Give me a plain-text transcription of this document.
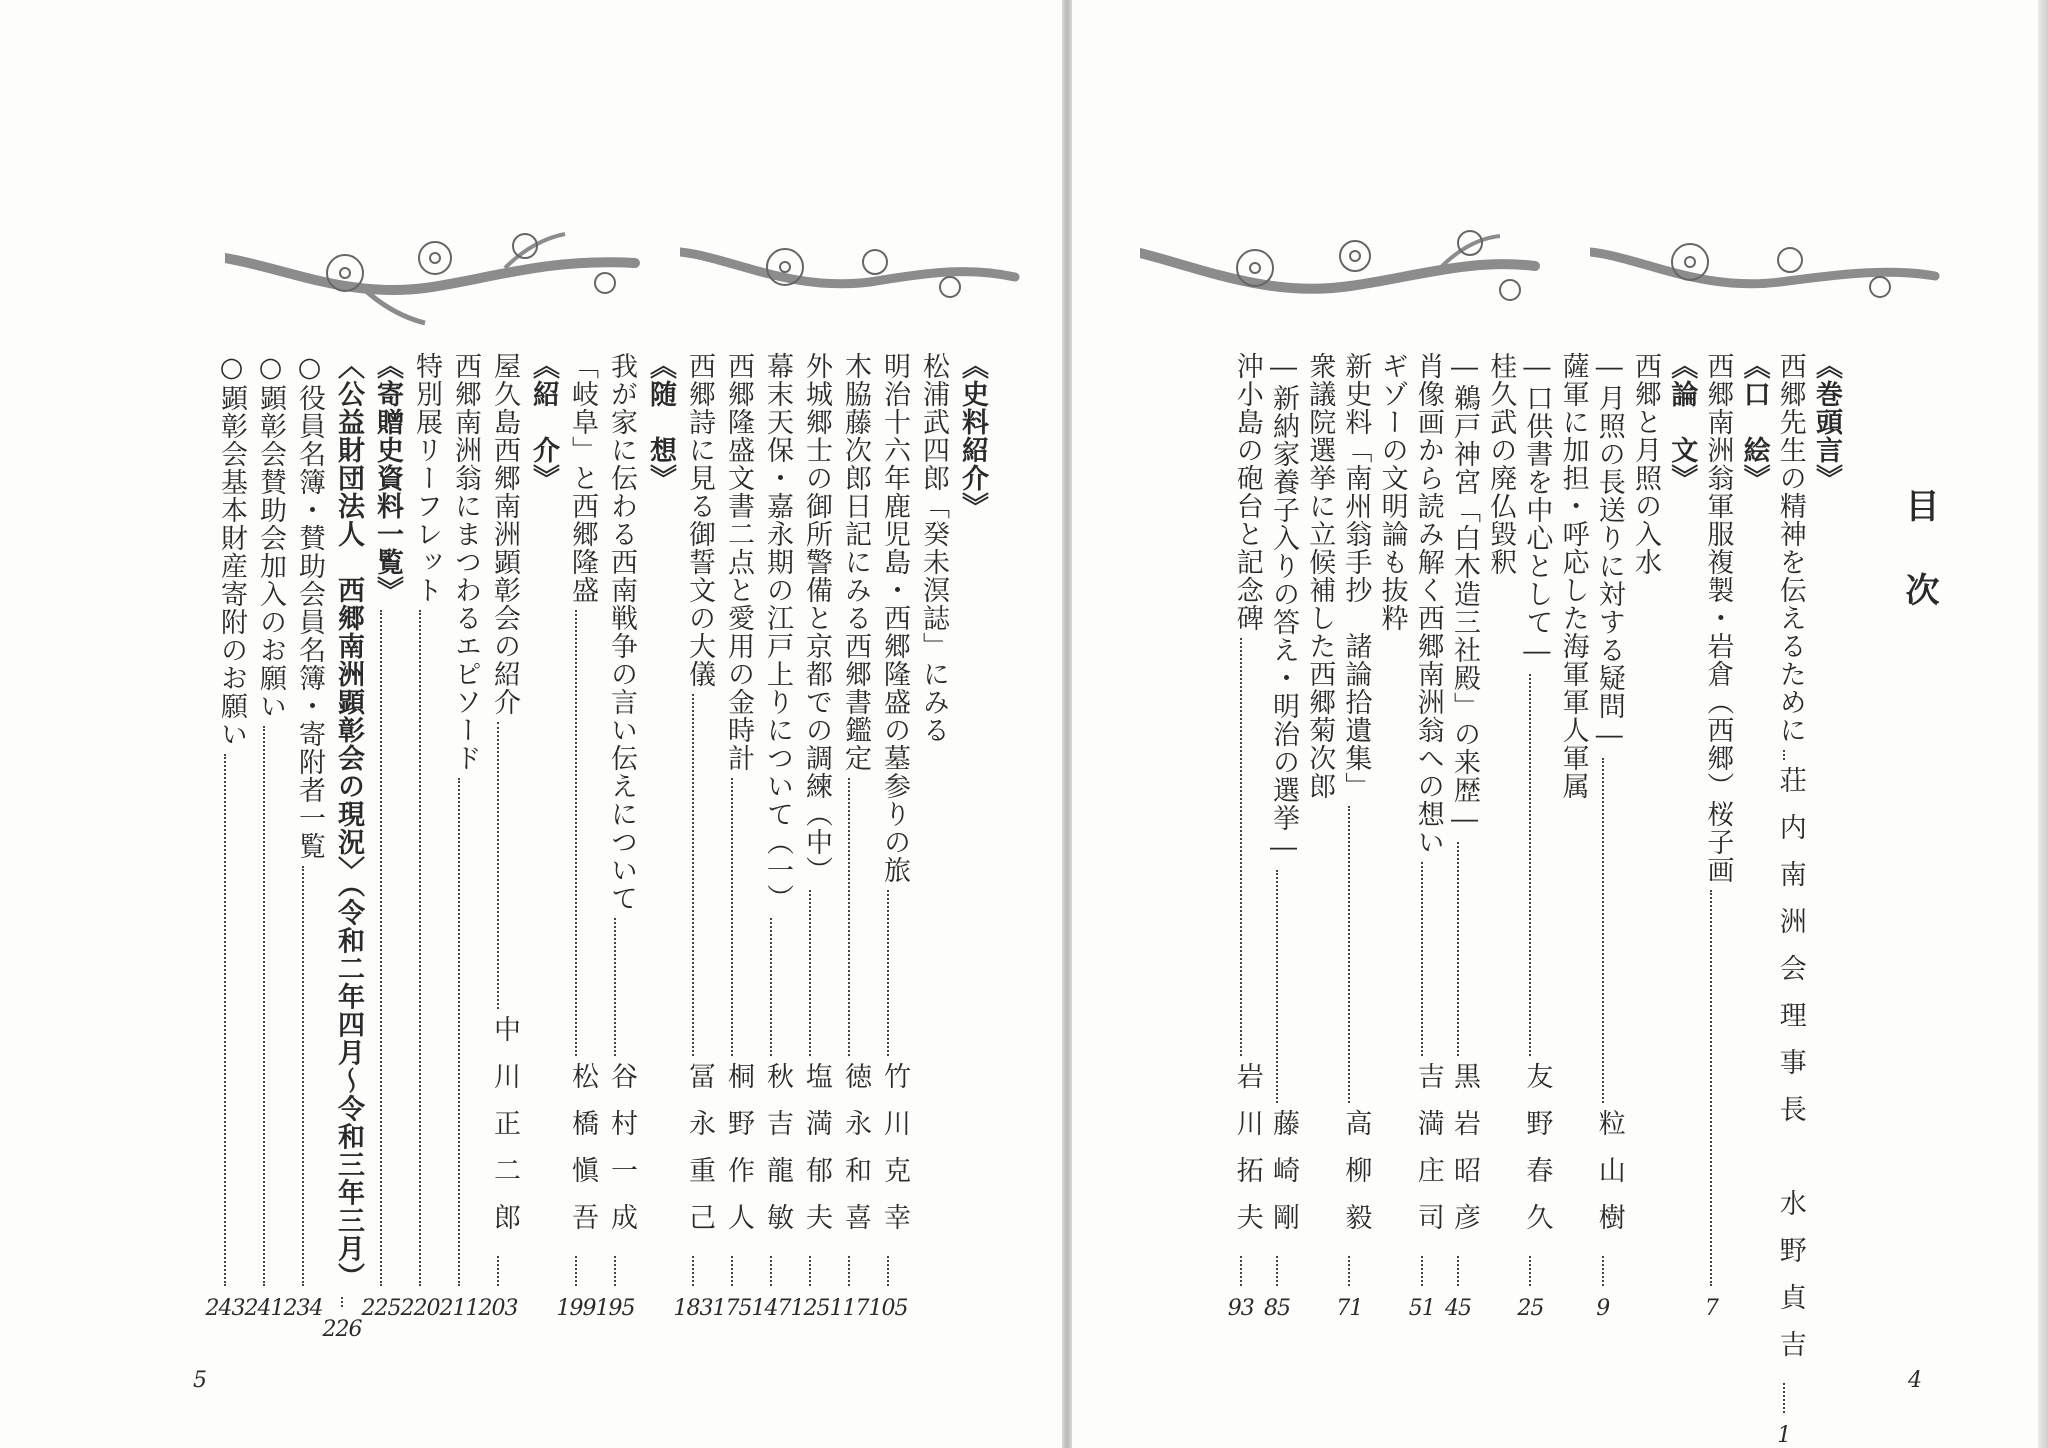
目次
《巻頭言》
西郷先生の精神を伝えるために
荘内南洲会理事長　水野貞吉
1
《口　絵》
西郷南洲翁軍服複製・岩倉（西郷）桜子画
7
《論　文》
西郷と月照の入水
―月照の長送りに対する疑問―
粒山樹
9
薩軍に加担・呼応した海軍軍人軍属
―口供書を中心として―
友野春久
25
桂久武の廃仏毀釈
―鵜戸神宮「白木造三社殿」の来歴―
黒岩昭彦
45
肖像画から読み解く西郷南洲翁への想い
吉満庄司
51
ギゾーの文明論も抜粋
新史料「南州翁手抄　諸論拾遺集」
高柳毅
71
衆議院選挙に立候補した西郷菊次郎
―新納家養子入りの答え・明治の選挙―
藤崎剛
85
沖小島の砲台と記念碑
岩川拓夫
93
《史料紹介》
松浦武四郎「癸未溟誌」にみる
明治十六年鹿児島・西郷隆盛の墓参りの旅
竹川克幸
105
木脇藤次郎日記にみる西郷書鑑定
徳永和喜
117
外城郷士の御所警備と京都での調練（中）
塩満郁夫
125
幕末天保・嘉永期の江戸上りについて（一）
秋吉龍敏
147
西郷隆盛文書二点と愛用の金時計
桐野作人
175
西郷詩に見る御誓文の大儀
冨永重己
183
《随　想》
我が家に伝わる西南戦争の言い伝えについて
谷村一成
195
「岐阜」と西郷隆盛
松橋愼吾
199
《紹　介》
屋久島西郷南洲顕彰会の紹介
中川正二郎
203
西郷南洲翁にまつわるエピソード
211
特別展リーフレット
220
《寄贈史資料一覧》
225
〈公益財団法人　西郷南洲顕彰会の現況〉（令和二年四月〜令和三年三月）
226
○役員名簿・賛助会員名簿・寄附者一覧
234
○顕彰会賛助会加入のお願い
241
○顕彰会基本財産寄附のお願い
243
5	4
